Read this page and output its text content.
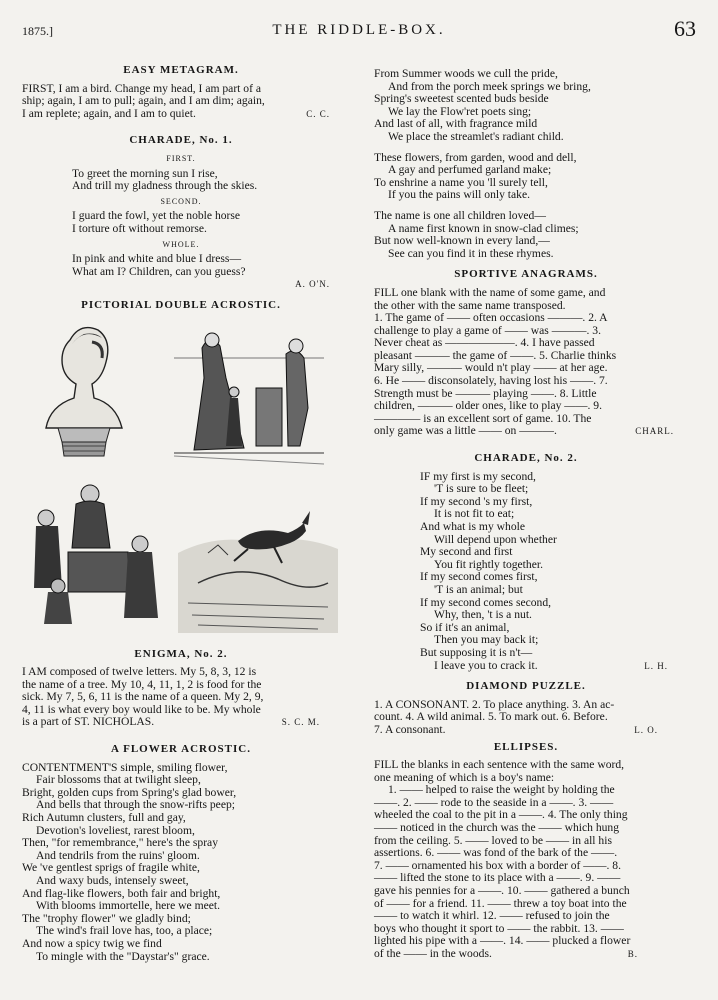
1875.]	THE RIDDLE-BOX.	63
EASY METAGRAM.

FIRST, I am a bird. Change my head, I am part of a

ship; again, I am to pull; again, and I am dim; again,

I am replete; again, and I am to quiet.	C. C.

CHARADE, No. 1.
FIRST.

To greet the morning sun I rise,

And trill my gladness through the skies.

SECOND.

I guard the fowl, yet the noble horse

I torture oft without remorse.

WHOLE.

In pink and white and blue I dress—

What am I? Children, can you guess?

A. O'N.
PICTORIAL DOUBLE ACROSTIC.
ENIGMA, No. 2.

I AM composed of twelve letters. My 5, 8, 3, 12 is

the name of a tree. My 10, 4, 11, 1, 2 is food for the

sick. My 7, 5, 6, 11 is the name of a queen. My 2, 9,

4, 11 is what every boy would like to be. My whole

is a part of ST. NICHOLAS.	S. C. M.

A FLOWER ACROSTIC.

CONTENTMENT'S simple, smiling flower,

Fair blossoms that at twilight sleep,

Bright, golden cups from Spring's glad bower,

And bells that through the snow-rifts peep;

Rich Autumn clusters, full and gay,

Devotion's loveliest, rarest bloom,

Then, "for remembrance," here's the spray

And tendrils from the ruins' gloom.

We 've gentlest sprigs of fragile white,

And waxy buds, intensely sweet,

And flag-like flowers, both fair and bright,

With blooms immortelle, here we meet.

The "trophy flower" we gladly bind;

The wind's frail love has, too, a place;

And now a spicy twig we find

To mingle with the "Daystar's" grace.

From Summer woods we cull the pride,

And from the porch meek springs we bring,

Spring's sweetest scented buds beside

We lay the Flow'ret poets sing;

And last of all, with fragrance mild

We place the streamlet's radiant child.

These flowers, from garden, wood and dell,

A gay and perfumed garland make;

To enshrine a name you 'll surely tell,

If you the pains will only take.

The name is one all children loved—

A name first known in snow-clad climes;

But now well-known in every land,—

See can you find it in these rhymes.

SPORTIVE ANAGRAMS.

FILL one blank with the name of some game, and

the other with the same name transposed.

1. The game of —— often occasions ———. 2. A

challenge to play a game of —— was ———. 3.

Never cheat as ——————. 4. I have passed

pleasant ——— the game of ——. 5. Charlie thinks

Mary silly, ——— would n't play —— at her age.

6. He —— disconsolately, having lost his ——. 7.

Strength must be ——— playing ——. 8. Little

children, ——— older ones, like to play ——. 9.

———— is an excellent sort of game. 10. The

only game was a little —— on ———.	CHARL.

CHARADE, No. 2.

IF my first is my second,

'T is sure to be fleet;

If my second 's my first,

It is not fit to eat;

And what is my whole

Will depend upon whether

My second and first

You fit rightly together.

If my second comes first,

'T is an animal; but

If my second comes second,

Why, then, 't is a nut.

So if it's an animal,

Then you may back it;

But supposing it is n't—

I leave you to crack it.	L. H.

DIAMOND PUZZLE.

1. A CONSONANT. 2. To place anything. 3. An ac-

count. 4. A wild animal. 5. To mark out. 6. Before.

7. A consonant.	L. O.

ELLIPSES.

FILL the blanks in each sentence with the same word,

one meaning of which is a boy's name:

1. —— helped to raise the weight by holding the

——. 2. —— rode to the seaside in a ——. 3. ——

wheeled the coal to the pit in a ——. 4. The only thing

—— noticed in the church was the —— which hung

from the ceiling. 5. —— loved to be —— in all his

assertions. 6. —— was fond of the bark of the ——.

7. —— ornamented his box with a border of ——. 8.

—— lifted the stone to its place with a ——. 9. ——

gave his pennies for a ——. 10. —— gathered a bunch

of —— for a friend. 11. —— threw a toy boat into the

—— to watch it whirl. 12. —— refused to join the

boys who thought it sport to —— the rabbit. 13. ——

lighted his pipe with a ——. 14. —— plucked a flower

of the —— in the woods.	B.
